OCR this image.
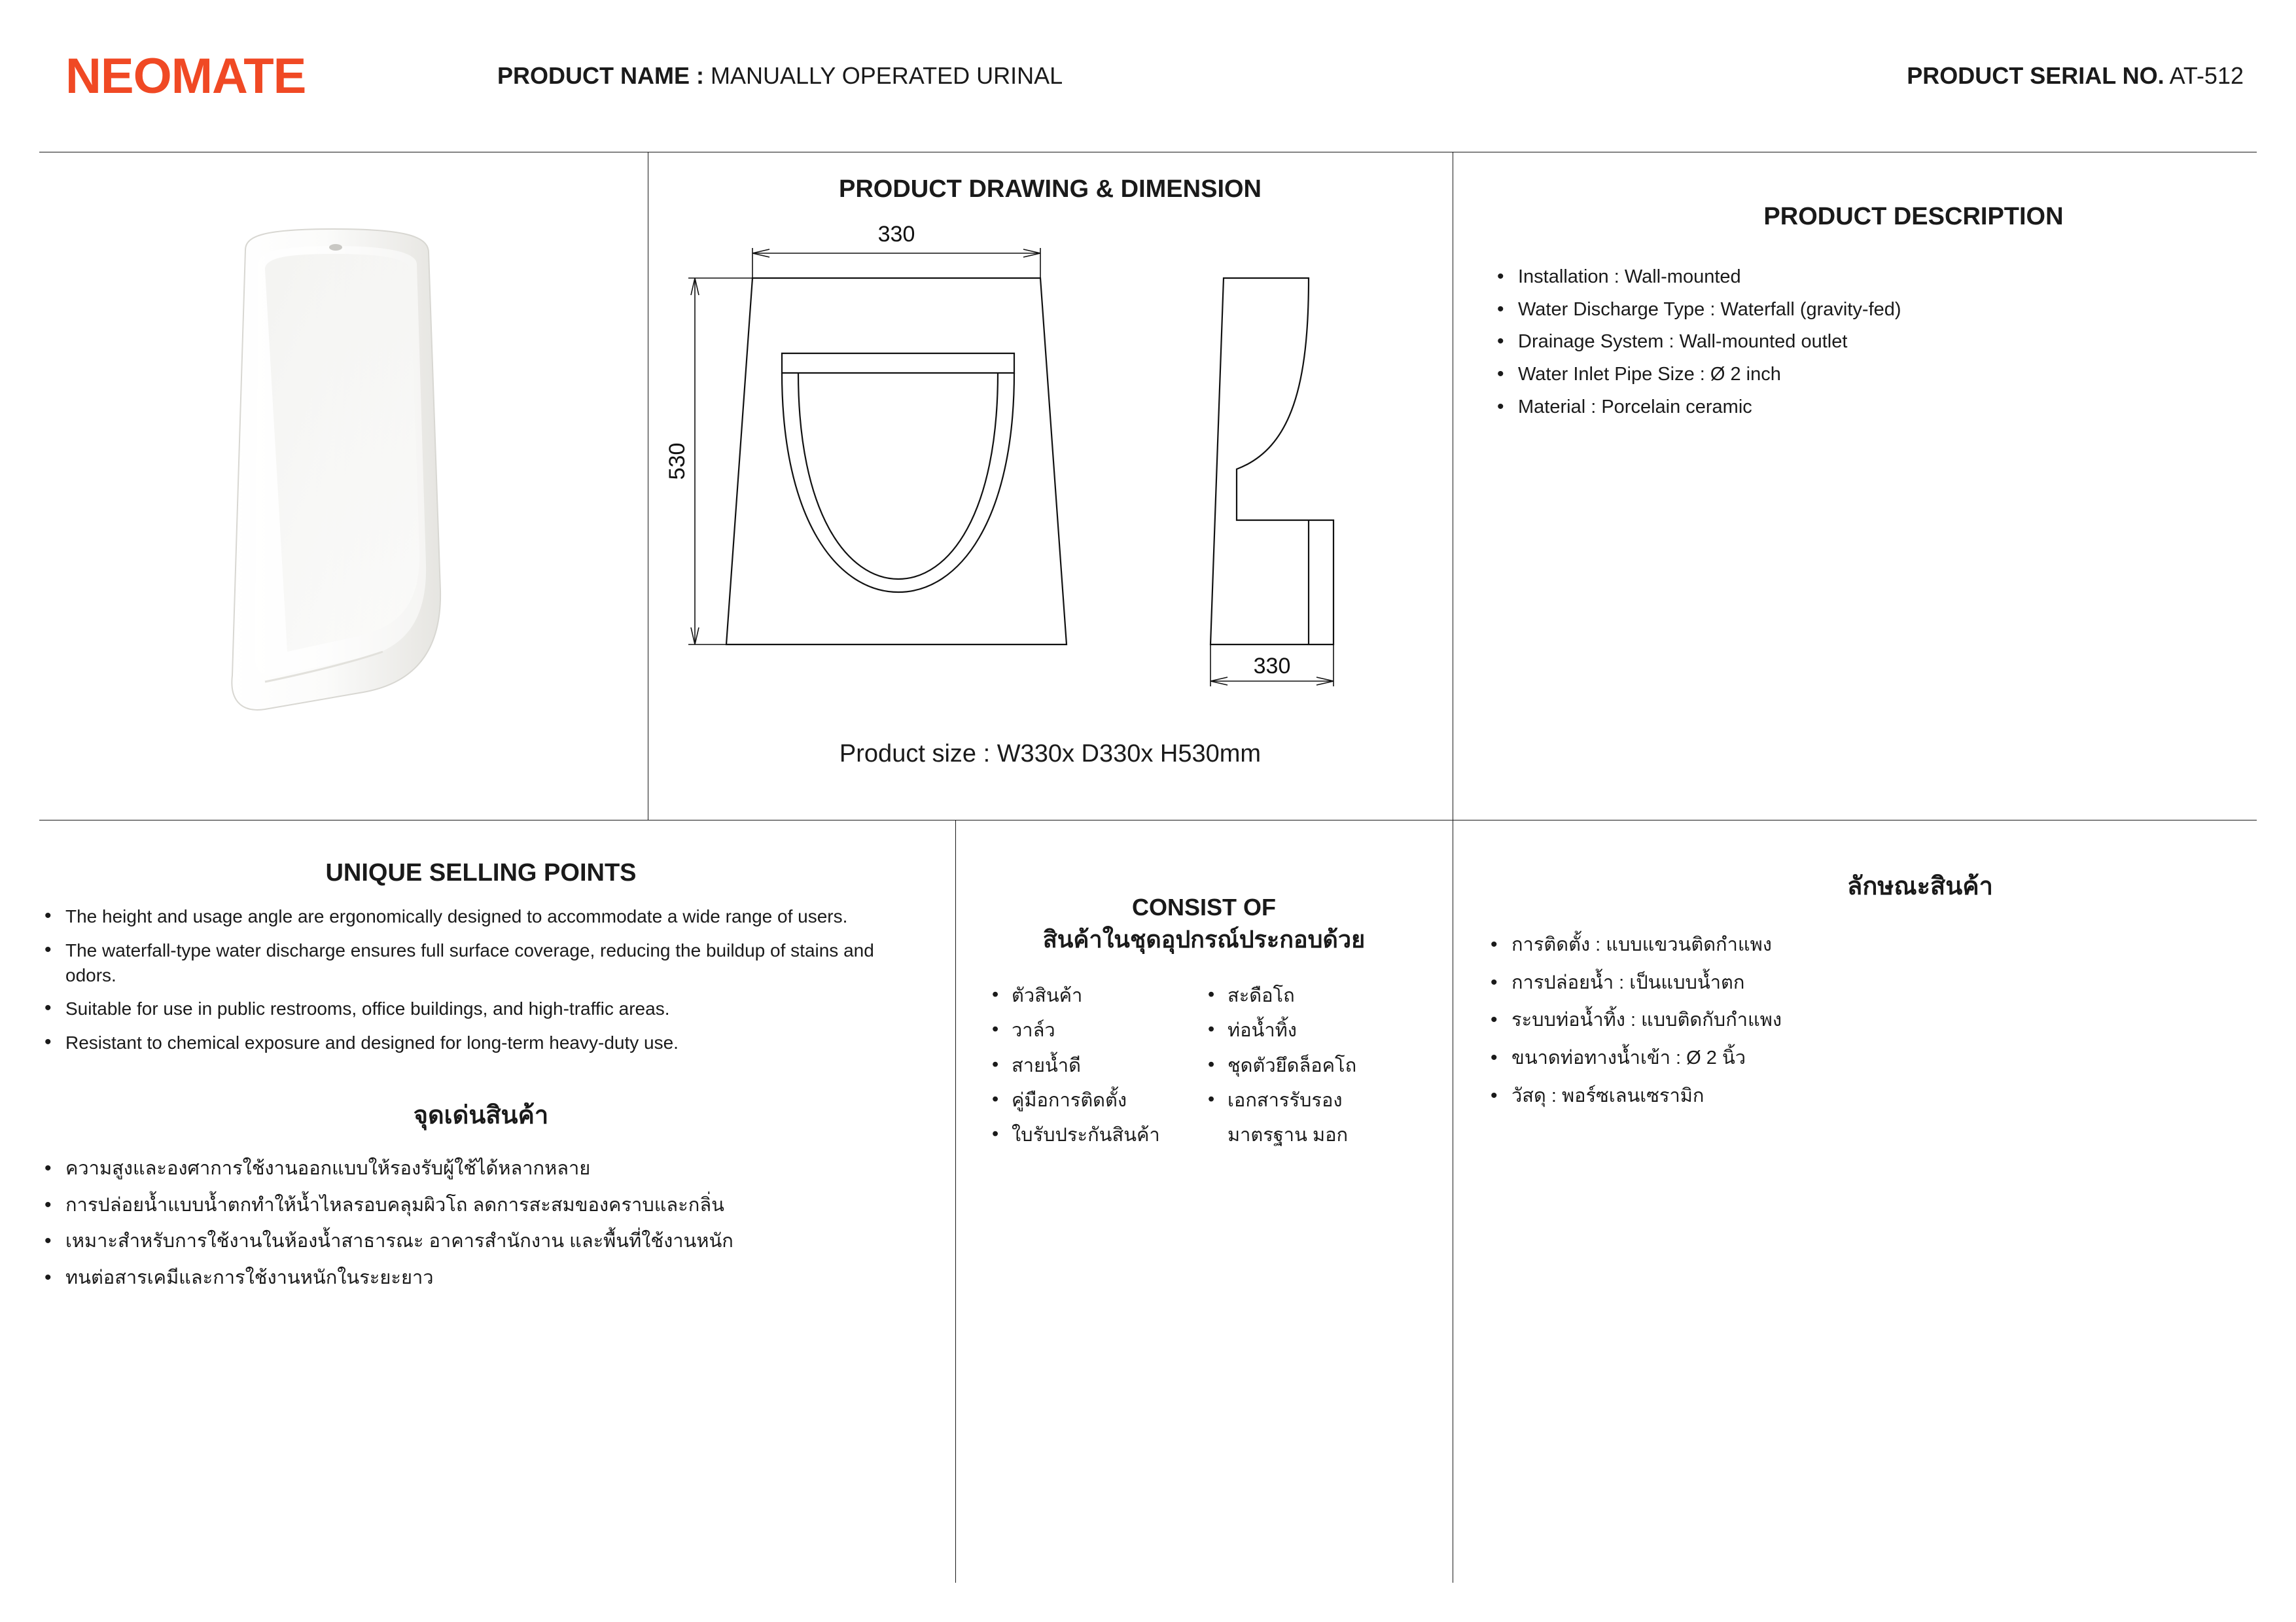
NEOMATE	PRODUCT NAME : MANUALLY OPERATED URINAL	PRODUCT SERIAL NO. AT-512
PRODUCT DRAWING & DIMENSION
330
530
330
Product size : W330x D330x H530mm
PRODUCT DESCRIPTION
• Installation : Wall-mounted
• Water Discharge Type : Waterfall (gravity-fed)
• Drainage System : Wall-mounted outlet
• Water Inlet Pipe Size : Ø 2 inch
• Material : Porcelain ceramic
UNIQUE SELLING POINTS
• The height and usage angle are ergonomically designed to accommodate a wide range of users.
• The waterfall-type water discharge ensures full surface coverage, reducing the buildup of stains and odors.
• Suitable for use in public restrooms, office buildings, and high-traffic areas.
• Resistant to chemical exposure and designed for long-term heavy-duty use.
จุดเด่นสินค้า
• ความสูงและองศาการใช้งานออกแบบให้รองรับผู้ใช้ได้หลากหลาย
• การปล่อยน้ำแบบน้ำตกทำให้น้ำไหลรอบคลุมผิวโถ ลดการสะสมของคราบและกลิ่น
• เหมาะสำหรับการใช้งานในห้องน้ำสาธารณะ อาคารสำนักงาน และพื้นที่ใช้งานหนัก
• ทนต่อสารเคมีและการใช้งานหนักในระยะยาว
CONSIST OF
สินค้าในชุดอุปกรณ์ประกอบด้วย
• ตัวสินค้า
• วาล์ว
• สายน้ำดี
• คู่มือการติดตั้ง
• ใบรับประกันสินค้า
• สะดือโถ
• ท่อน้ำทิ้ง
• ชุดตัวยึดล็อคโถ
• เอกสารรับรอง
มาตรฐาน มอก
ลักษณะสินค้า
• การติดตั้ง : แบบแขวนติดกำแพง
• การปล่อยน้ำ : เป็นแบบน้ำตก
• ระบบท่อน้ำทิ้ง : แบบติดกับกำแพง
• ขนาดท่อทางน้ำเข้า : Ø 2 นิ้ว
• วัสดุ : พอร์ซเลนเซรามิก
